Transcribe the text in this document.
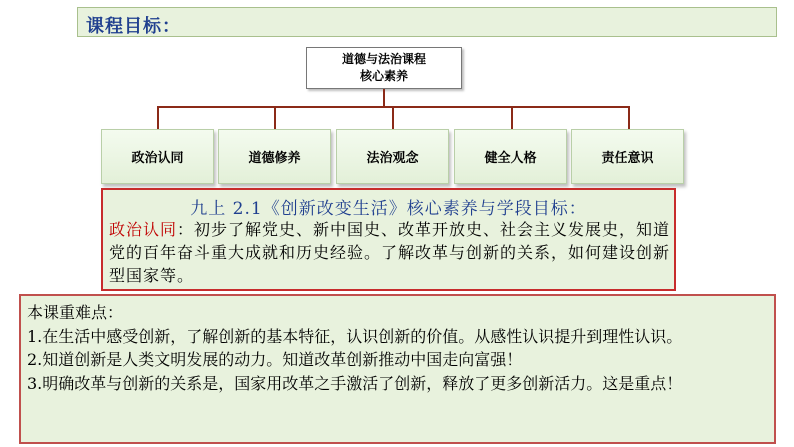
课程目标：
道德与法治课程
核心素养
政治认同	道德修养	法治观念	健全人格	责任意识
九上 2.1《创新改变生活》核心素养与学段目标：
政治认同：初步了解党史、新中国史、改革开放史、社会主义发展史，知道党的百年奋斗重大成就和历史经验。了解改革与创新的关系，如何建设创新型国家等。
本课重难点：
1.在生活中感受创新，了解创新的基本特征，认识创新的价值。从感性认识提升到理性认识。
2.知道创新是人类文明发展的动力。知道改革创新推动中国走向富强！
3.明确改革与创新的关系是，国家用改革之手激活了创新，释放了更多创新活力。这是重点！
